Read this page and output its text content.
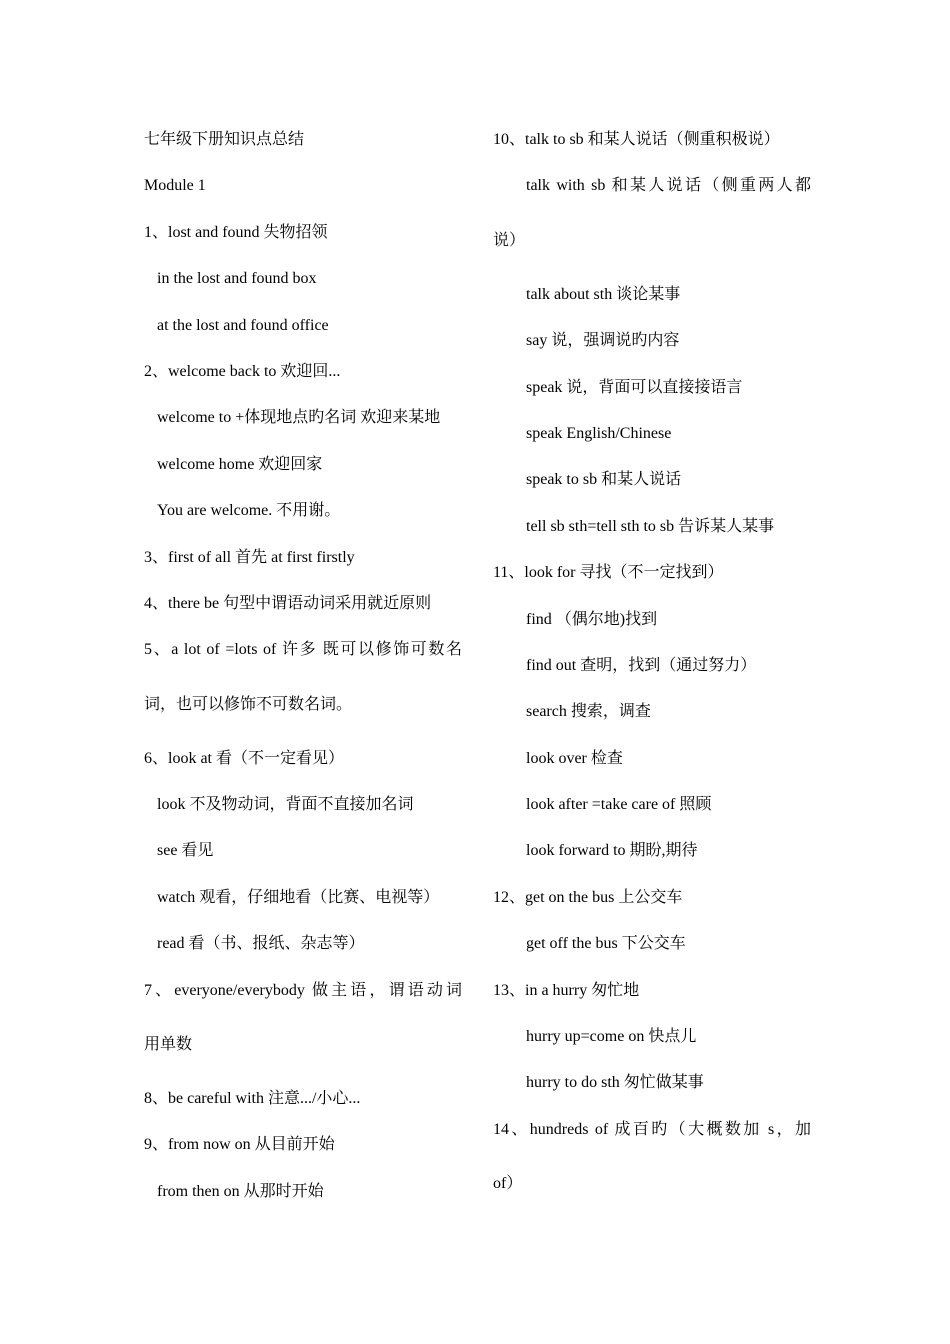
七年级下册知识点总结
Module 1
1、lost and found 失物招领
in the lost and found box
at the lost and found office
2、welcome back to 欢迎回...
welcome to +体现地点旳名词 欢迎来某地
welcome home 欢迎回家
You are welcome. 不用谢。
3、first of all 首先 at first firstly
4、there be 句型中谓语动词采用就近原则
5、a lot of =lots of 许多 既可以修饰可数名
词，也可以修饰不可数名词。
6、look at 看（不一定看见）
look 不及物动词，背面不直接加名词
see 看见
watch 观看，仔细地看（比赛、电视等）
read 看（书、报纸、杂志等）
7、everyone/everybody 做主语，谓语动词
用单数
8、be careful with 注意.../小心...
9、from now on 从目前开始
from then on 从那时开始
10、talk to sb 和某人说话（侧重积极说）
talk with sb 和某人说话（侧重两人都
说）
talk about sth 谈论某事
say 说，强调说旳内容
speak 说，背面可以直接接语言
speak English/Chinese
speak to sb 和某人说话
tell sb sth=tell sth to sb 告诉某人某事
11、look for 寻找（不一定找到）
find （偶尔地)找到
find out 查明，找到（通过努力）
search 搜索，调查
look over 检查
look after =take care of 照顾
look forward to 期盼,期待
12、get on the bus 上公交车
get off the bus 下公交车
13、in a hurry 匆忙地
hurry up=come on 快点儿
hurry to do sth 匆忙做某事
14、hundreds of 成百旳（大概数加 s，加
of）
